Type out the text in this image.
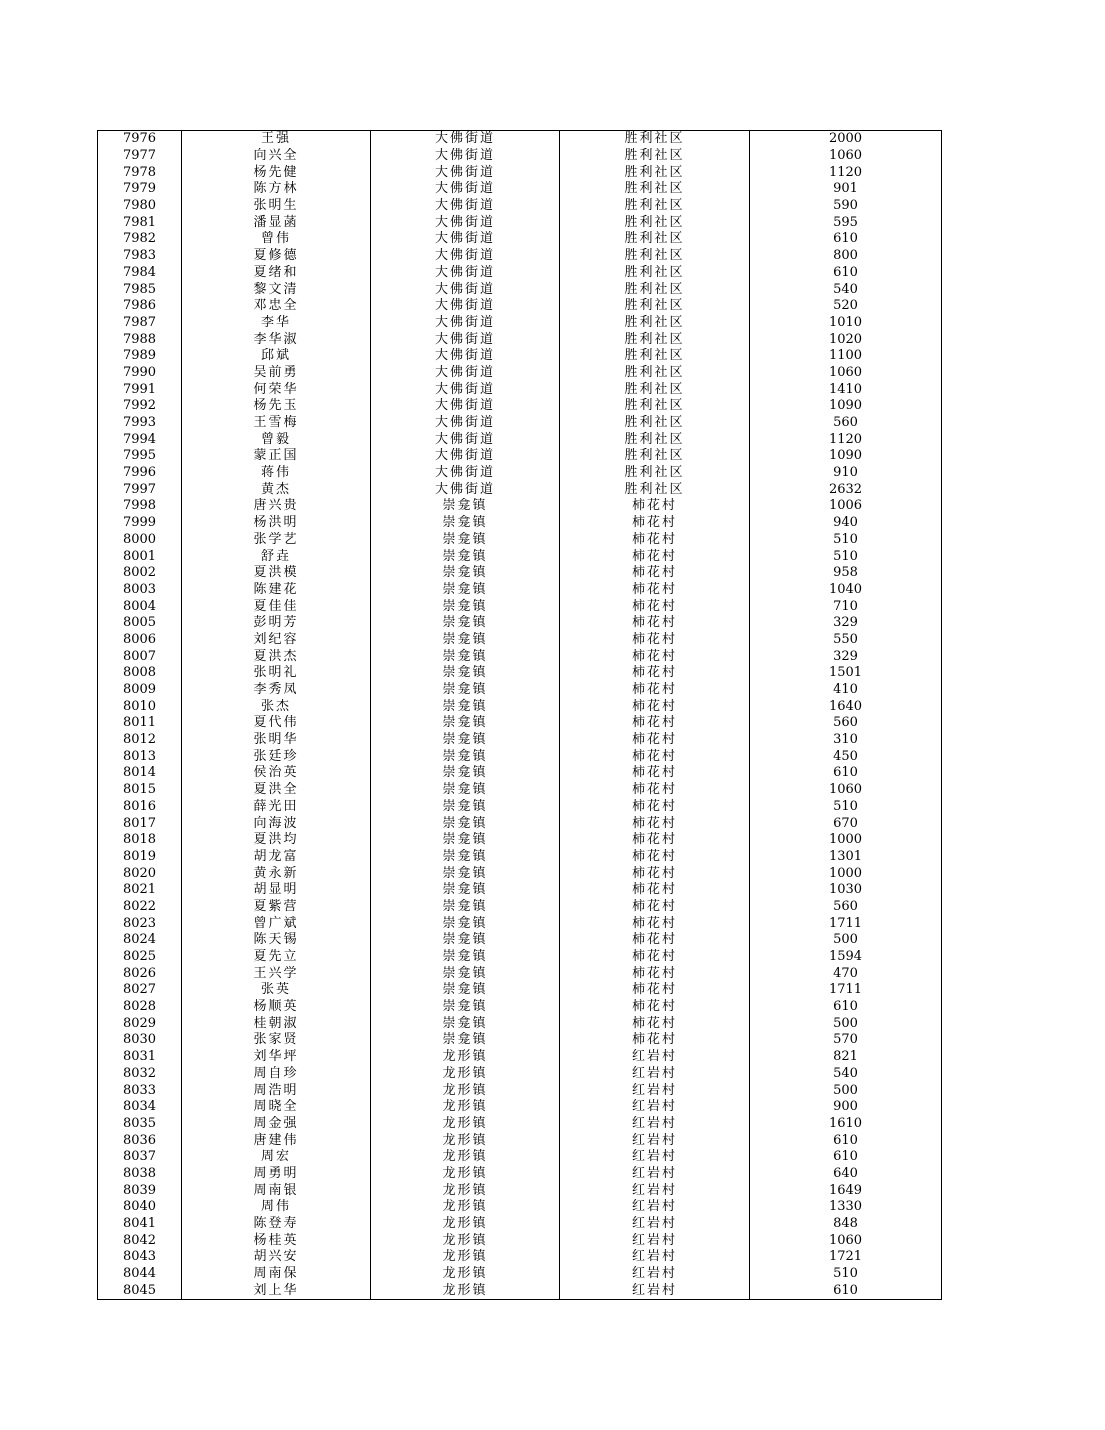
7976	王强	大佛街道	胜利社区	2000
7977	向兴全	大佛街道	胜利社区	1060
7978	杨先健	大佛街道	胜利社区	1120
7979	陈方林	大佛街道	胜利社区	901
7980	张明生	大佛街道	胜利社区	590
7981	潘显菡	大佛街道	胜利社区	595
7982	曾伟	大佛街道	胜利社区	610
7983	夏修德	大佛街道	胜利社区	800
7984	夏绪和	大佛街道	胜利社区	610
7985	黎文清	大佛街道	胜利社区	540
7986	邓忠全	大佛街道	胜利社区	520
7987	李华	大佛街道	胜利社区	1010
7988	李华淑	大佛街道	胜利社区	1020
7989	邱斌	大佛街道	胜利社区	1100
7990	吴前勇	大佛街道	胜利社区	1060
7991	何荣华	大佛街道	胜利社区	1410
7992	杨先玉	大佛街道	胜利社区	1090
7993	王雪梅	大佛街道	胜利社区	560
7994	曾毅	大佛街道	胜利社区	1120
7995	蒙正国	大佛街道	胜利社区	1090
7996	蒋伟	大佛街道	胜利社区	910
7997	黄杰	大佛街道	胜利社区	2632
7998	唐兴贵	崇龛镇	柿花村	1006
7999	杨洪明	崇龛镇	柿花村	940
8000	张学艺	崇龛镇	柿花村	510
8001	舒垚	崇龛镇	柿花村	510
8002	夏洪模	崇龛镇	柿花村	958
8003	陈建花	崇龛镇	柿花村	1040
8004	夏佳佳	崇龛镇	柿花村	710
8005	彭明芳	崇龛镇	柿花村	329
8006	刘纪容	崇龛镇	柿花村	550
8007	夏洪杰	崇龛镇	柿花村	329
8008	张明礼	崇龛镇	柿花村	1501
8009	李秀凤	崇龛镇	柿花村	410
8010	张杰	崇龛镇	柿花村	1640
8011	夏代伟	崇龛镇	柿花村	560
8012	张明华	崇龛镇	柿花村	310
8013	张廷珍	崇龛镇	柿花村	450
8014	侯治英	崇龛镇	柿花村	610
8015	夏洪全	崇龛镇	柿花村	1060
8016	薛光田	崇龛镇	柿花村	510
8017	向海波	崇龛镇	柿花村	670
8018	夏洪均	崇龛镇	柿花村	1000
8019	胡龙富	崇龛镇	柿花村	1301
8020	黄永新	崇龛镇	柿花村	1000
8021	胡显明	崇龛镇	柿花村	1030
8022	夏紫营	崇龛镇	柿花村	560
8023	曾广斌	崇龛镇	柿花村	1711
8024	陈天锡	崇龛镇	柿花村	500
8025	夏先立	崇龛镇	柿花村	1594
8026	王兴学	崇龛镇	柿花村	470
8027	张英	崇龛镇	柿花村	1711
8028	杨顺英	崇龛镇	柿花村	610
8029	桂朝淑	崇龛镇	柿花村	500
8030	张家贤	崇龛镇	柿花村	570
8031	刘华坪	龙形镇	红岩村	821
8032	周自珍	龙形镇	红岩村	540
8033	周浩明	龙形镇	红岩村	500
8034	周晓全	龙形镇	红岩村	900
8035	周金强	龙形镇	红岩村	1610
8036	唐建伟	龙形镇	红岩村	610
8037	周宏	龙形镇	红岩村	610
8038	周勇明	龙形镇	红岩村	640
8039	周南银	龙形镇	红岩村	1649
8040	周伟	龙形镇	红岩村	1330
8041	陈登寿	龙形镇	红岩村	848
8042	杨桂英	龙形镇	红岩村	1060
8043	胡兴安	龙形镇	红岩村	1721
8044	周南保	龙形镇	红岩村	510
8045	刘上华	龙形镇	红岩村	610
